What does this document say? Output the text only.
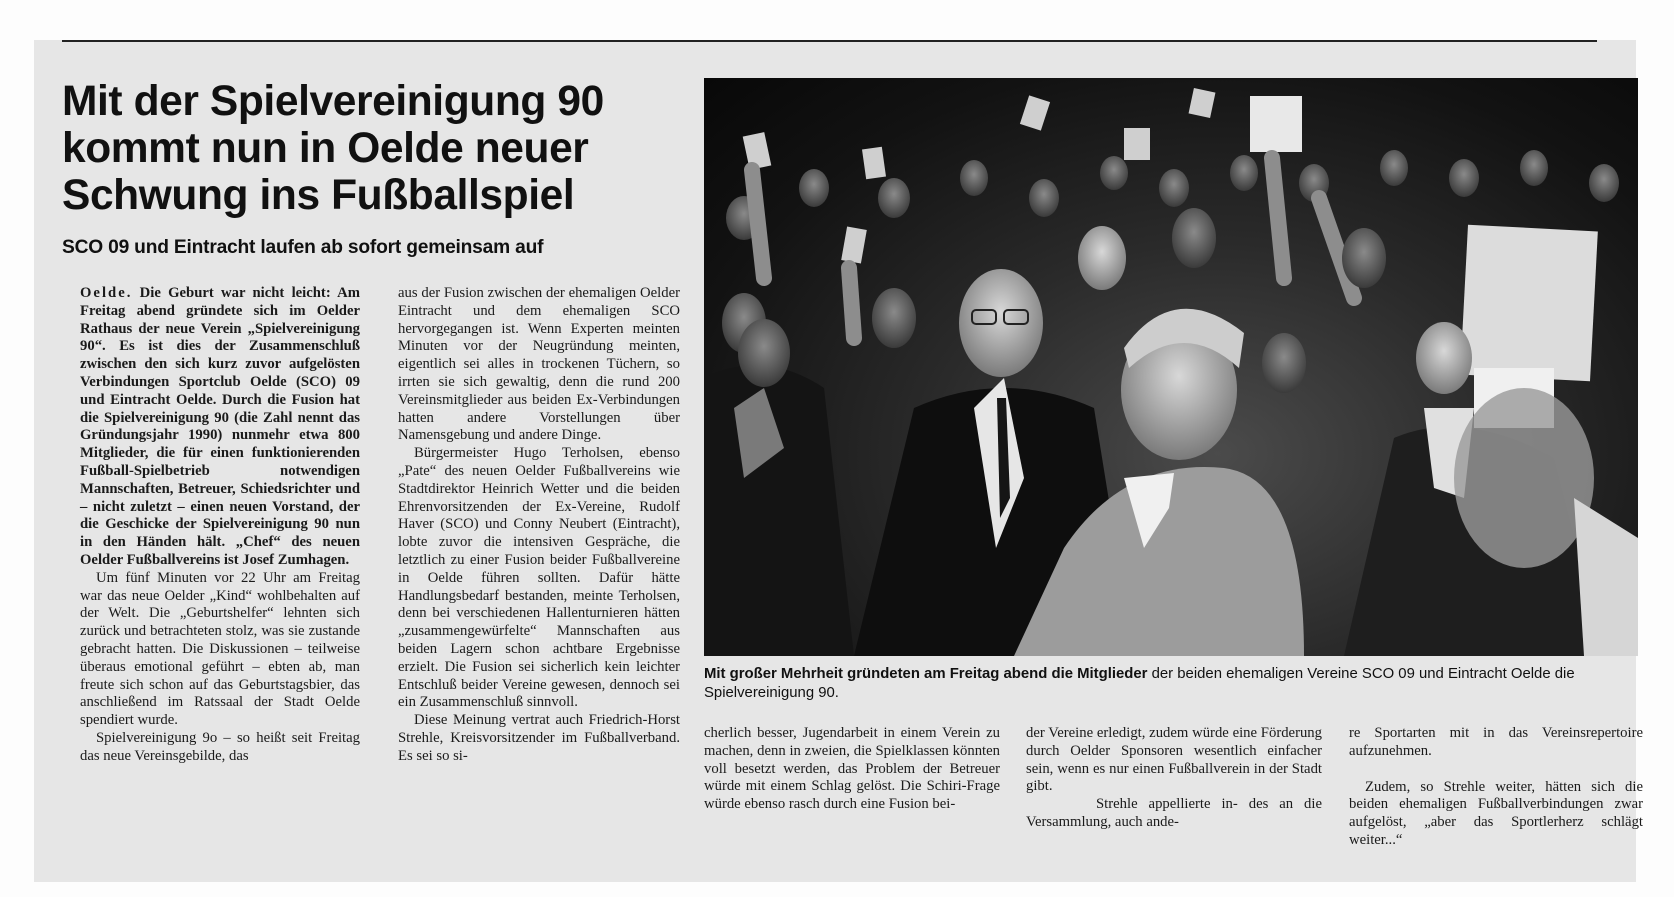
Mit der Spielvereinigung 90 kommt nun in Oelde neuer Schwung ins Fußballspiel
SCO 09 und Eintracht laufen ab sofort gemeinsam auf

Oelde. Die Geburt war nicht leicht: Am Freitag abend gründete sich im Oelder Rathaus der neue Verein „Spielvereinigung 90“. Es ist dies der Zusammenschluß zwischen den sich kurz zuvor aufgelösten Verbindungen Sportclub Oelde (SCO) 09 und Eintracht Oelde. Durch die Fusion hat die Spielvereinigung 90 (die Zahl nennt das Gründungsjahr 1990) nunmehr etwa 800 Mitglieder, die für einen funktionierenden Fußball-Spielbetrieb notwendigen Mannschaften, Betreuer, Schiedsrichter und – nicht zuletzt – einen neuen Vorstand, der die Geschicke der Spielvereinigung 90 nun in den Händen hält. „Chef“ des neuen Oelder Fußballvereins ist Josef Zumhagen.

Um fünf Minuten vor 22 Uhr am Freitag war das neue Oelder „Kind“ wohlbehalten auf der Welt. Die „Geburtshelfer“ lehnten sich zurück und betrachteten stolz, was sie zustande gebracht hatten. Die Diskussionen – teilweise überaus emotional geführt – ebten ab, man freute sich schon auf das Geburtstagsbier, das anschließend im Ratssaal der Stadt Oelde spendiert wurde.

Spielvereinigung 9o – so heißt seit Freitag das neue Vereinsgebilde, das

aus der Fusion zwischen der ehemaligen Oelder Eintracht und dem ehemaligen SCO hervorgegangen ist. Wenn Experten meinten Minuten vor der Neugründung meinten, eigentlich sei alles in trockenen Tüchern, so irrten sie sich gewaltig, denn die rund 200 Vereinsmitglieder aus beiden Ex-Verbindungen hatten andere Vorstellungen über Namensgebung und andere Dinge.

Bürgermeister Hugo Terholsen, ebenso „Pate“ des neuen Oelder Fußballvereins wie Stadtdirektor Heinrich Wetter und die beiden Ehrenvorsitzenden der Ex-Vereine, Rudolf Haver (SCO) und Conny Neubert (Eintracht), lobte zuvor die intensiven Gespräche, die letztlich zu einer Fusion beider Fußballvereine in Oelde führen sollten. Dafür hätte Handlungsbedarf bestanden, meinte Terholsen, denn bei verschiedenen Hallenturnieren hätten „zusammengewürfelte“ Mannschaften aus beiden Lagern schon achtbare Ergebnisse erzielt. Die Fusion sei sicherlich kein leichter Entschluß beider Vereine gewesen, dennoch sei ein Zusammenschluß sinnvoll.

Diese Meinung vertrat auch Friedrich-Horst Strehle, Kreisvorsitzender im Fußballverband. Es sei so si-

Mit großer Mehrheit gründeten am Freitag abend die Mitglieder der beiden ehemaligen Vereine SCO 09 und Eintracht Oelde die Spielvereinigung 90.

cherlich besser, Jugendarbeit in einem Verein zu machen, denn in zweien, die Spielklassen könnten voll besetzt werden, das Problem der Betreuer würde mit einem Schlag gelöst. Die Schiri-Frage würde ebenso rasch durch eine Fusion bei-

der Vereine erledigt, zudem würde eine Förderung durch Oelder Sponsoren wesentlich einfacher sein, wenn es nur einen Fußballverein in der Stadt gibt.

Strehle appellierte in- des an die Versammlung, auch ande-

re Sportarten mit in das Vereinsrepertoire aufzunehmen.

Zudem, so Strehle weiter, hätten sich die beiden ehemaligen Fußballverbindungen zwar aufgelöst, „aber das Sportlerherz schlägt weiter...“
